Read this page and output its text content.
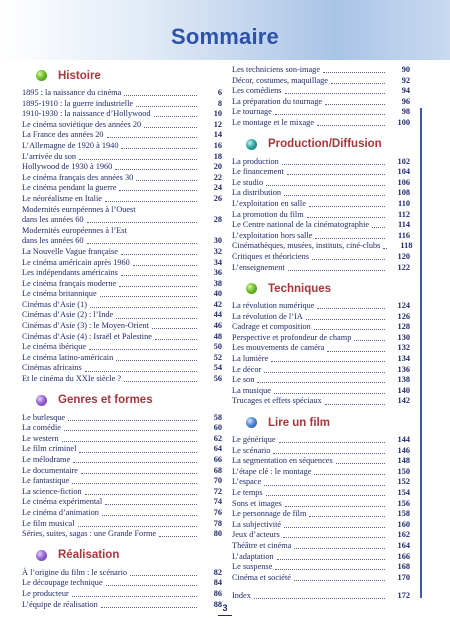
Sommaire
Histoire
1895 : la naissance du cinéma	6
1895-1910 : la guerre industrielle	8
1910-1930 : la naissance d’Hollywood	10
Le cinéma soviétique des années 20	12
La France des années 20	14
L’Allemagne de 1920 à 1940	16
L’arrivée du son	18
Hollywood de 1930 à 1960	20
Le cinéma français des années 30	22
Le cinéma pendant la guerre	24
Le néoréalisme en Italie	26
Modernités européennes à l’Ouest
dans les années 60	28
Modernités européennes à l’Est
dans les années 60	30
La Nouvelle Vague française	32
Le cinéma américain après 1960	34
Les indépendants américains	36
Le cinéma français moderne	38
Le cinéma britannique	40
Cinémas d’Asie (1)	42
Cinémas d’Asie (2) : l’Inde	44
Cinémas d’Asie (3) : le Moyen-Orient	46
Cinémas d’Asie (4) : Israël et Palestine	48
Le cinéma ibérique	50
Le cinéma latino-américain	52
Cinémas africains	54
Et le cinéma du XXIe siècle ?	56
Genres et formes
Le burlesque	58
La comédie	60
Le western	62
Le film criminel	64
Le mélodrame	66
Le documentaire	68
Le fantastique	70
La science-fiction	72
Le cinéma expérimental	74
Le cinéma d’animation	76
Le film musical	78
Séries, suites, sagas : une Grande Forme	80
Réalisation
À l’origine du film : le scénario	82
Le découpage technique	84
Le producteur	86
L’équipe de réalisation	88
Les techniciens son-image	90
Décor, costumes, maquillage	92
Les comédiens	94
La préparation du tournage	96
Le tournage	98
Le montage et le mixage	100
Production/Diffusion
La production	102
Le financement	104
Le studio	106
La distribution	108
L’exploitation en salle	110
La promotion du film	112
Le Centre national de la cinématographie	114
L’exploitation hors salle	116
Cinémathèques, musées, instituts, ciné-clubs	118
Critiques et théoriciens	120
L’enseignement	122
Techniques
La révolution numérique	124
La révolution de l’IA	126
Cadrage et composition	128
Perspective et profondeur de champ	130
Les mouvements de caméra	132
La lumière	134
Le décor	136
Le son	138
La musique	140
Trucages et effets spéciaux	142
Lire un film
Le générique	144
Le scénario	146
La segmentation en séquences	148
L’étape clé : le montage	150
L’espace	152
Le temps	154
Sons et images	156
Le personnage de film	158
La subjectivité	160
Jeux d’acteurs	162
Théâtre et cinéma	164
L’adaptation	166
Le suspense	168
Cinéma et société	170
Index	172
3
